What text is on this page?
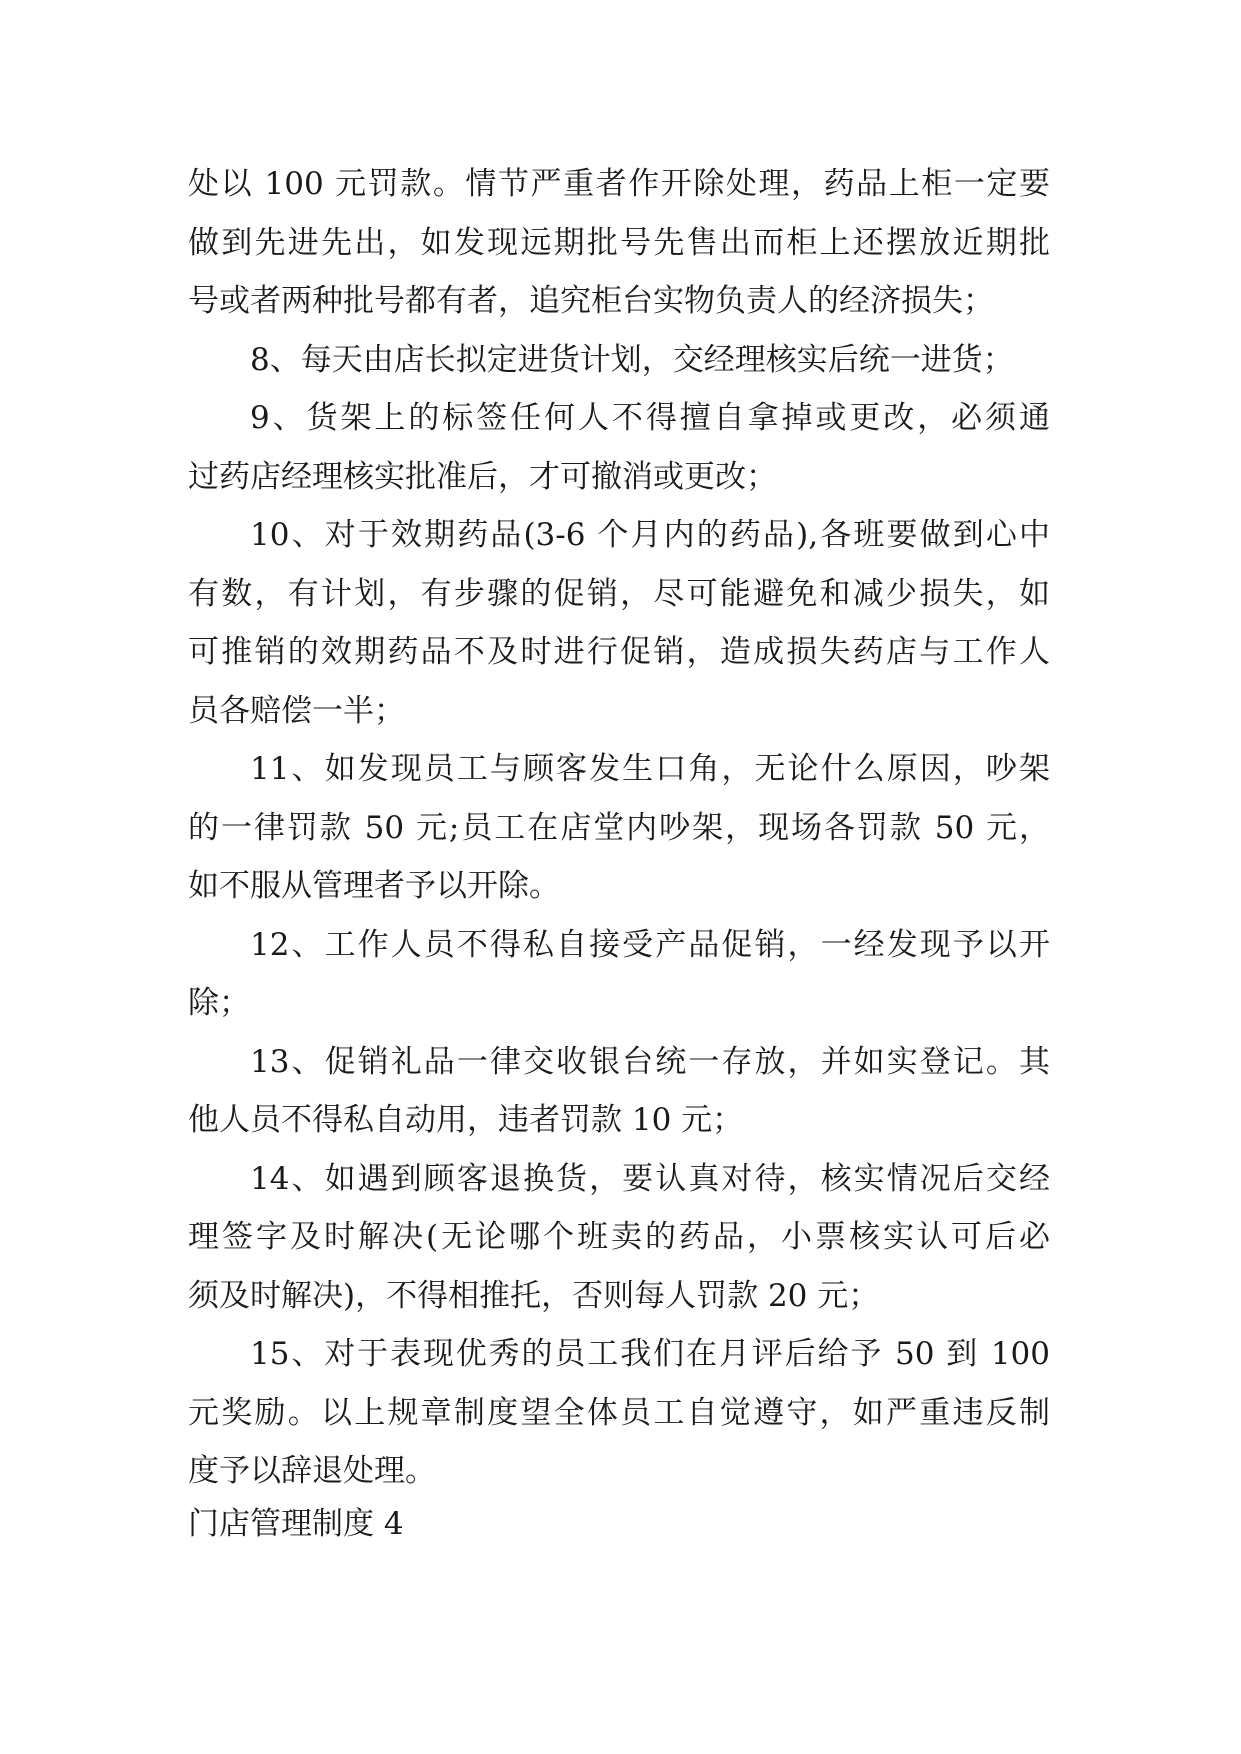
处以 100 元罚款。情节严重者作开除处理，药品上柜一定要
做到先进先出，如发现远期批号先售出而柜上还摆放近期批
号或者两种批号都有者，追究柜台实物负责人的经济损失；
8、每天由店长拟定进货计划，交经理核实后统一进货；
9、货架上的标签任何人不得擅自拿掉或更改，必须通
过药店经理核实批准后，才可撤消或更改；
10、对于效期药品(3-6 个月内的药品),各班要做到心中
有数，有计划，有步骤的促销，尽可能避免和减少损失，如
可推销的效期药品不及时进行促销，造成损失药店与工作人
员各赔偿一半；
11、如发现员工与顾客发生口角，无论什么原因，吵架
的一律罚款 50 元;员工在店堂内吵架，现场各罚款 50 元，
如不服从管理者予以开除。
12、工作人员不得私自接受产品促销，一经发现予以开
除；
13、促销礼品一律交收银台统一存放，并如实登记。其
他人员不得私自动用，违者罚款 10 元；
14、如遇到顾客退换货，要认真对待，核实情况后交经
理签字及时解决(无论哪个班卖的药品，小票核实认可后必
须及时解决)，不得相推托，否则每人罚款 20 元；
15、对于表现优秀的员工我们在月评后给予 50 到 100
元奖励。以上规章制度望全体员工自觉遵守，如严重违反制
度予以辞退处理。
门店管理制度 4
